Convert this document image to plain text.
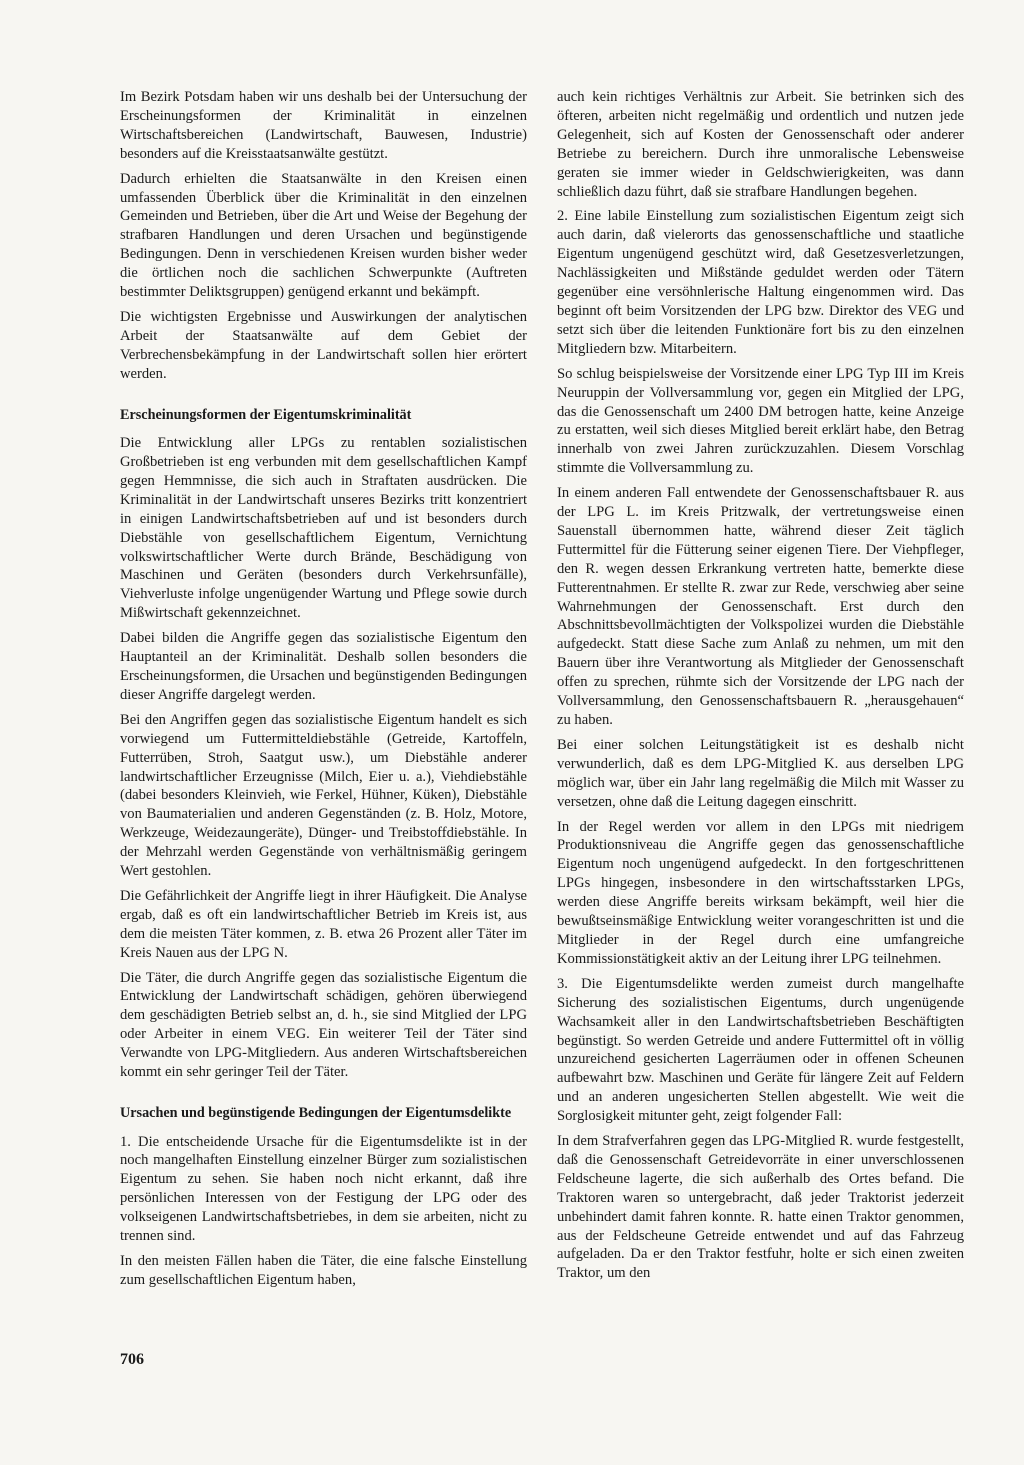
Im Bezirk Potsdam haben wir uns deshalb bei der Untersuchung der Erscheinungsformen der Kriminalität in einzelnen Wirtschaftsbereichen (Landwirtschaft, Bauwesen, Industrie) besonders auf die Kreisstaatsanwälte gestützt.

Dadurch erhielten die Staatsanwälte in den Kreisen einen umfassenden Überblick über die Kriminalität in den einzelnen Gemeinden und Betrieben, über die Art und Weise der Begehung der strafbaren Handlungen und deren Ursachen und begünstigende Bedingungen. Denn in verschiedenen Kreisen wurden bisher weder die örtlichen noch die sachlichen Schwerpunkte (Auftreten bestimmter Deliktsgruppen) genügend erkannt und bekämpft.

Die wichtigsten Ergebnisse und Auswirkungen der analytischen Arbeit der Staatsanwälte auf dem Gebiet der Verbrechensbekämpfung in der Landwirtschaft sollen hier erörtert werden.

Erscheinungsformen der Eigentumskriminalität

Die Entwicklung aller LPGs zu rentablen sozialistischen Großbetrieben ist eng verbunden mit dem gesellschaftlichen Kampf gegen Hemmnisse, die sich auch in Straftaten ausdrücken. Die Kriminalität in der Landwirtschaft unseres Bezirks tritt konzentriert in einigen Landwirtschaftsbetrieben auf und ist besonders durch Diebstähle von gesellschaftlichem Eigentum, Vernichtung volkswirtschaftlicher Werte durch Brände, Beschädigung von Maschinen und Geräten (besonders durch Verkehrsunfälle), Viehverluste infolge ungenügender Wartung und Pflege sowie durch Mißwirtschaft gekennzeichnet.

Dabei bilden die Angriffe gegen das sozialistische Eigentum den Hauptanteil an der Kriminalität. Deshalb sollen besonders die Erscheinungsformen, die Ursachen und begünstigenden Bedingungen dieser Angriffe dargelegt werden.

Bei den Angriffen gegen das sozialistische Eigentum handelt es sich vorwiegend um Futtermitteldiebstähle (Getreide, Kartoffeln, Futterrüben, Stroh, Saatgut usw.), um Diebstähle anderer landwirtschaftlicher Erzeugnisse (Milch, Eier u. a.), Viehdiebstähle (dabei besonders Kleinvieh, wie Ferkel, Hühner, Küken), Diebstähle von Baumaterialien und anderen Gegenständen (z. B. Holz, Motore, Werkzeuge, Weidezaungeräte), Dünger- und Treibstoffdiebstähle. In der Mehrzahl werden Gegenstände von verhältnismäßig geringem Wert gestohlen.

Die Gefährlichkeit der Angriffe liegt in ihrer Häufigkeit. Die Analyse ergab, daß es oft ein landwirtschaftlicher Betrieb im Kreis ist, aus dem die meisten Täter kommen, z. B. etwa 26 Prozent aller Täter im Kreis Nauen aus der LPG N.

Die Täter, die durch Angriffe gegen das sozialistische Eigentum die Entwicklung der Landwirtschaft schädigen, gehören überwiegend dem geschädigten Betrieb selbst an, d. h., sie sind Mitglied der LPG oder Arbeiter in einem VEG. Ein weiterer Teil der Täter sind Verwandte von LPG-Mitgliedern. Aus anderen Wirtschaftsbereichen kommt ein sehr geringer Teil der Täter.

Ursachen und begünstigende Bedingungen der Eigentumsdelikte

1. Die entscheidende Ursache für die Eigentumsdelikte ist in der noch mangelhaften Einstellung einzelner Bürger zum sozialistischen Eigentum zu sehen. Sie haben noch nicht erkannt, daß ihre persönlichen Interessen von der Festigung der LPG oder des volkseigenen Landwirtschaftsbetriebes, in dem sie arbeiten, nicht zu trennen sind.

In den meisten Fällen haben die Täter, die eine falsche Einstellung zum gesellschaftlichen Eigentum haben,

auch kein richtiges Verhältnis zur Arbeit. Sie betrinken sich des öfteren, arbeiten nicht regelmäßig und ordentlich und nutzen jede Gelegenheit, sich auf Kosten der Genossenschaft oder anderer Betriebe zu bereichern. Durch ihre unmoralische Lebensweise geraten sie immer wieder in Geldschwierigkeiten, was dann schließlich dazu führt, daß sie strafbare Handlungen begehen.

2. Eine labile Einstellung zum sozialistischen Eigentum zeigt sich auch darin, daß vielerorts das genossenschaftliche und staatliche Eigentum ungenügend geschützt wird, daß Gesetzesverletzungen, Nachlässigkeiten und Mißstände geduldet werden oder Tätern gegenüber eine versöhnlerische Haltung eingenommen wird. Das beginnt oft beim Vorsitzenden der LPG bzw. Direktor des VEG und setzt sich über die leitenden Funktionäre fort bis zu den einzelnen Mitgliedern bzw. Mitarbeitern.

So schlug beispielsweise der Vorsitzende einer LPG Typ III im Kreis Neuruppin der Vollversammlung vor, gegen ein Mitglied der LPG, das die Genossenschaft um 2400 DM betrogen hatte, keine Anzeige zu erstatten, weil sich dieses Mitglied bereit erklärt habe, den Betrag innerhalb von zwei Jahren zurückzuzahlen. Diesem Vorschlag stimmte die Vollversammlung zu.

In einem anderen Fall entwendete der Genossenschaftsbauer R. aus der LPG L. im Kreis Pritzwalk, der vertretungsweise einen Sauenstall übernommen hatte, während dieser Zeit täglich Futtermittel für die Fütterung seiner eigenen Tiere. Der Viehpfleger, den R. wegen dessen Erkrankung vertreten hatte, bemerkte diese Futterentnahmen. Er stellte R. zwar zur Rede, verschwieg aber seine Wahrnehmungen der Genossenschaft. Erst durch den Abschnittsbevollmächtigten der Volkspolizei wurden die Diebstähle aufgedeckt. Statt diese Sache zum Anlaß zu nehmen, um mit den Bauern über ihre Verantwortung als Mitglieder der Genossenschaft offen zu sprechen, rühmte sich der Vorsitzende der LPG nach der Vollversammlung, den Genossenschaftsbauern R. „herausgehauen“ zu haben.

Bei einer solchen Leitungstätigkeit ist es deshalb nicht verwunderlich, daß es dem LPG-Mitglied K. aus derselben LPG möglich war, über ein Jahr lang regelmäßig die Milch mit Wasser zu versetzen, ohne daß die Leitung dagegen einschritt.

In der Regel werden vor allem in den LPGs mit niedrigem Produktionsniveau die Angriffe gegen das genossenschaftliche Eigentum noch ungenügend aufgedeckt. In den fortgeschrittenen LPGs hingegen, insbesondere in den wirtschaftsstarken LPGs, werden diese Angriffe bereits wirksam bekämpft, weil hier die bewußtseinsmäßige Entwicklung weiter vorangeschritten ist und die Mitglieder in der Regel durch eine umfangreiche Kommissionstätigkeit aktiv an der Leitung ihrer LPG teilnehmen.

3. Die Eigentumsdelikte werden zumeist durch mangelhafte Sicherung des sozialistischen Eigentums, durch ungenügende Wachsamkeit aller in den Landwirtschaftsbetrieben Beschäftigten begünstigt. So werden Getreide und andere Futtermittel oft in völlig unzureichend gesicherten Lagerräumen oder in offenen Scheunen aufbewahrt bzw. Maschinen und Geräte für längere Zeit auf Feldern und an anderen ungesicherten Stellen abgestellt. Wie weit die Sorglosigkeit mitunter geht, zeigt folgender Fall:

In dem Strafverfahren gegen das LPG-Mitglied R. wurde festgestellt, daß die Genossenschaft Getreidevorräte in einer unverschlossenen Feldscheune lagerte, die sich außerhalb des Ortes befand. Die Traktoren waren so untergebracht, daß jeder Traktorist jederzeit unbehindert damit fahren konnte. R. hatte einen Traktor genommen, aus der Feldscheune Getreide entwendet und auf das Fahrzeug aufgeladen. Da er den Traktor festfuhr, holte er sich einen zweiten Traktor, um den

706
